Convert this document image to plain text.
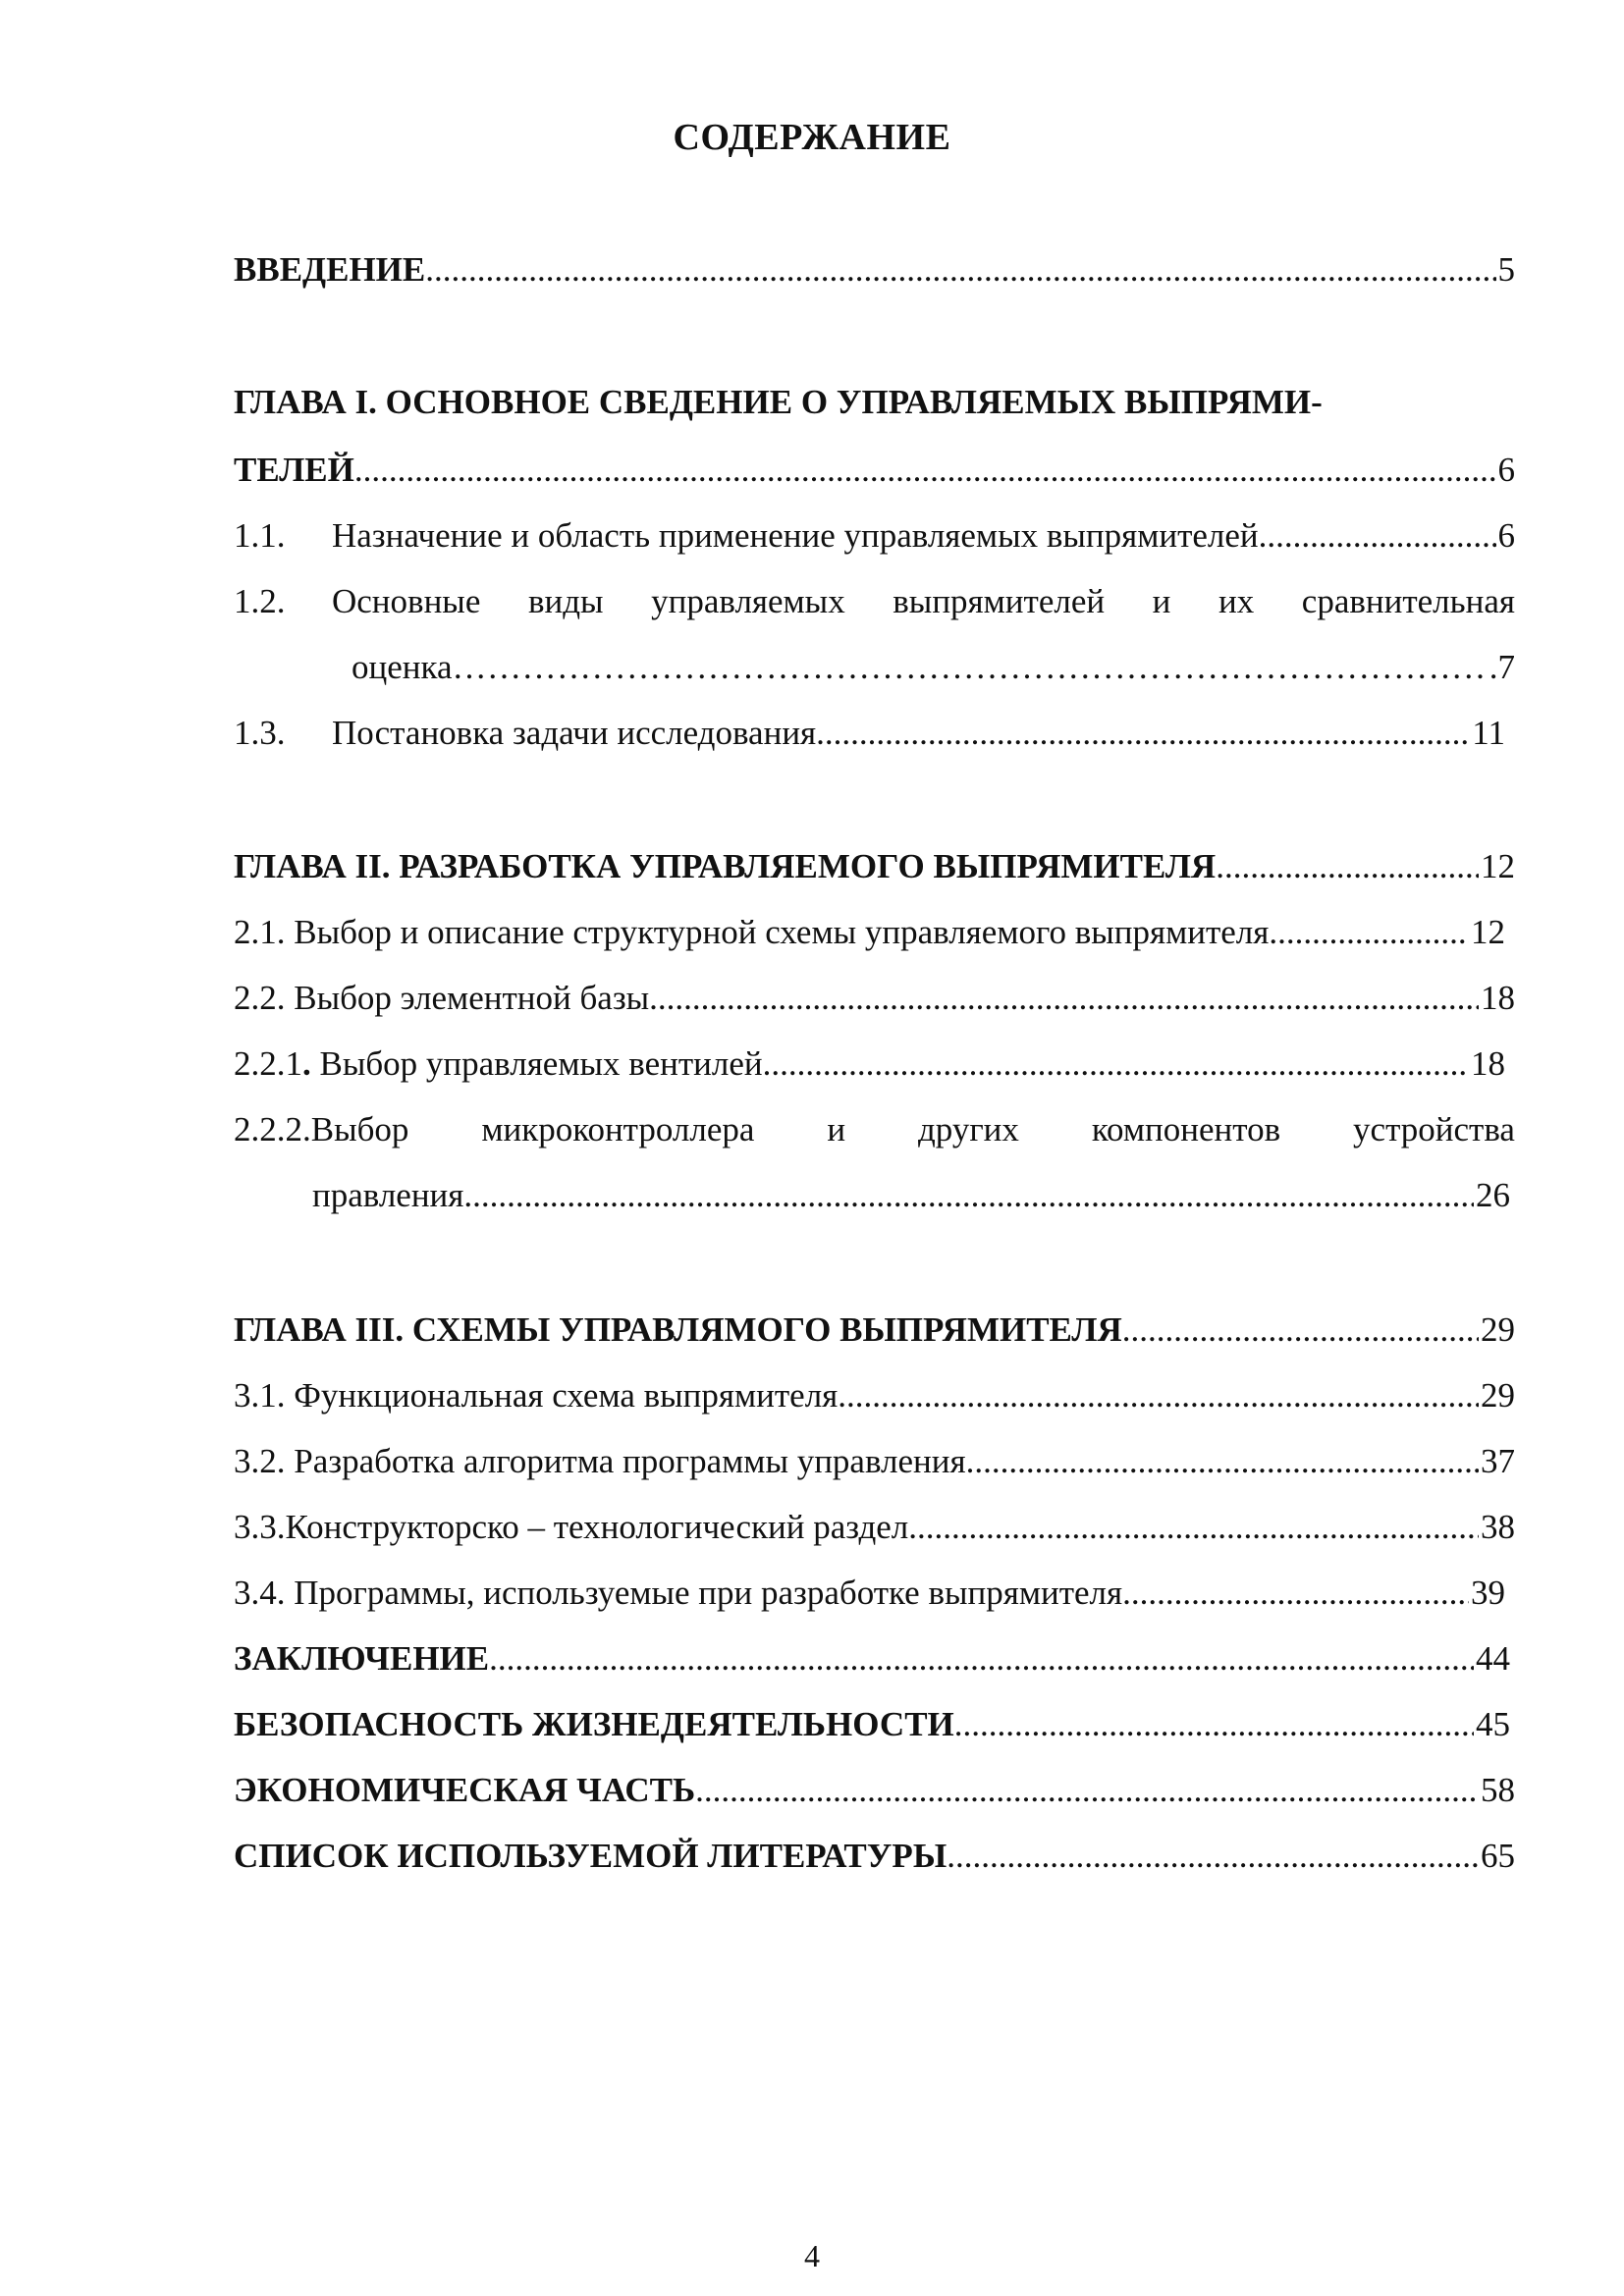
СОДЕРЖАНИЕ
ВВЕДЕНИЕ .....	5
ГЛАВА I. ОСНОВНОЕ СВЕДЕНИЕ О УПРАВЛЯЕМЫХ ВЫПРЯМИ-
ТЕЛЕЙ .....	6
1.1. Назначение и область применение управляемых выпрямителей .....	6
1.2. Основные виды управляемых выпрямителей и их сравнительная
оценка ……………………………………………………………………………………………………………………………………………………………………………………………………………………………………………………	.7
1.3. Постановка задачи исследования .....	11
ГЛАВА II. РАЗРАБОТКА УПРАВЛЯЕМОГО ВЫПРЯМИТЕЛЯ .....	12
2.1. Выбор и описание структурной схемы управляемого выпрямителя .....	12
2.2. Выбор элементной базы .....	18
2.2.1. Выбор управляемых вентилей .....	18
2.2.2.Выбор микроконтроллера и других компонентов устройства
правления .....	26
ГЛАВА III. СХЕМЫ УПРАВЛЯМОГО ВЫПРЯМИТЕЛЯ .....	29
3.1. Функциональная схема выпрямителя .....	29
3.2. Разработка алгоритма программы управления .....	37
3.3.Конструкторско – технологический раздел .....	38
3.4. Программы, используемые при разработке выпрямителя .....	39
ЗАКЛЮЧЕНИЕ .....	44
БЕЗОПАСНОСТЬ ЖИЗНЕДЕЯТЕЛЬНОСТИ .....	45
ЭКОНОМИЧЕСКАЯ ЧАСТЬ .....	58
СПИСОК ИСПОЛЬЗУЕМОЙ ЛИТЕРАТУРЫ .....	65
4
